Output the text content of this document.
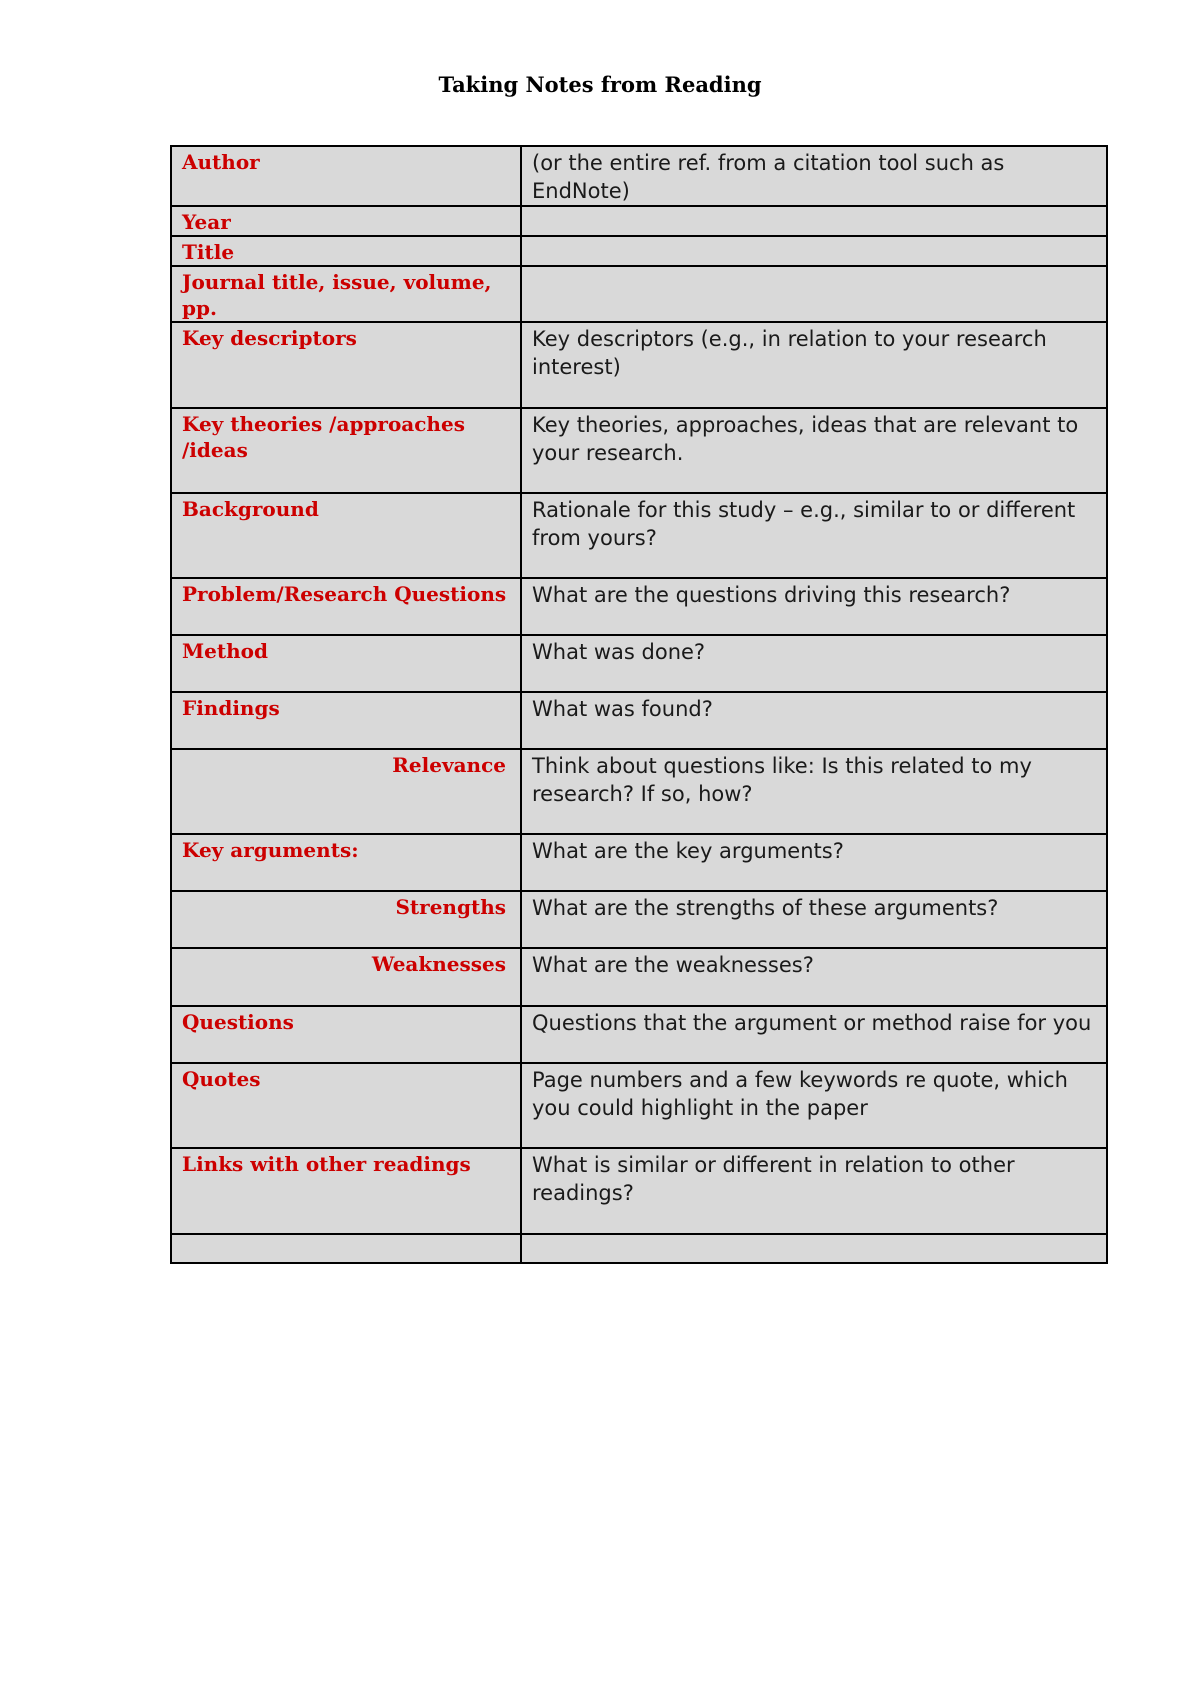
Taking Notes from Reading
Author	(or the entire ref. from a citation tool such as EndNote)
Year	
Title	
Journal title, issue, volume, pp.	
Key descriptors	Key descriptors (e.g., in relation to your research interest)
Key theories /approaches /ideas	Key theories, approaches, ideas that are relevant to your research.
Background	Rationale for this study – e.g., similar to or different from yours?
Problem/Research Questions	What are the questions driving this research?
Method	What was done?
Findings	What was found?
Relevance	Think about questions like: Is this related to my research? If so, how?
Key arguments:	What are the key arguments?
Strengths	What are the strengths of these arguments?
Weaknesses	What are the weaknesses?
Questions	Questions that the argument or method raise for you
Quotes	Page numbers and a few keywords re quote, which you could highlight in the paper
Links with other readings	What is similar or different in relation to other readings?
